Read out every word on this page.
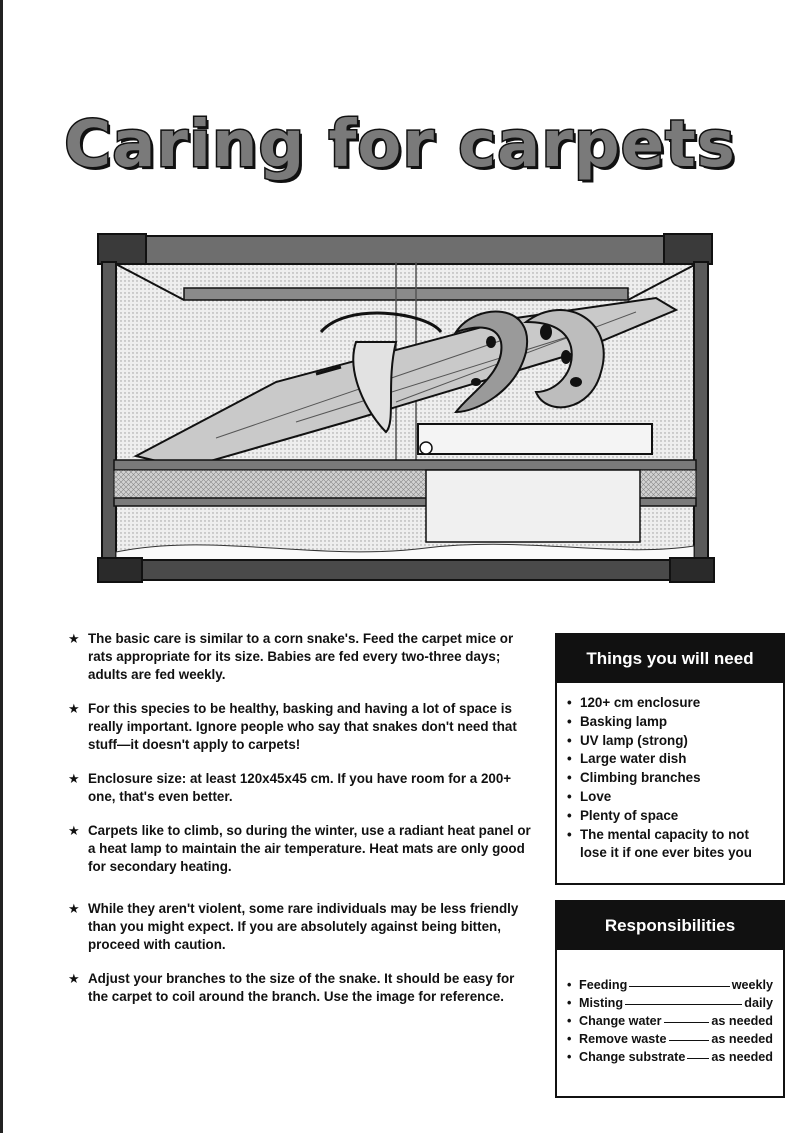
Caring for carpets
★ The basic care is similar to a corn snake's. Feed the carpet mice or rats appropriate for its size. Babies are fed every two-three days; adults are fed weekly.
★ For this species to be healthy, basking and having a lot of space is really important. Ignore people who say that snakes don't need that stuff—it doesn't apply to carpets!
★ Enclosure size: at least 120x45x45 cm. If you have room for a 200+ one, that's even better.
★ Carpets like to climb, so during the winter, use a radiant heat panel or a heat lamp to maintain the air temperature. Heat mats are only good for secondary heating.
★ While they aren't violent, some rare individuals may be less friendly than you might expect. If you are absolutely against being bitten, proceed with caution.
★ Adjust your branches to the size of the snake. It should be easy for the carpet to coil around the branch. Use the image for reference.
Things you will need
• 120+ cm enclosure
• Basking lamp
• UV lamp (strong)
• Large water dish
• Climbing branches
• Love
• Plenty of space
• The mental capacity to not lose it if one ever bites you
Responsibilities
• Feeding	weekly
• Misting	daily
• Change water	as needed
• Remove waste	as needed
• Change substrate as needed
